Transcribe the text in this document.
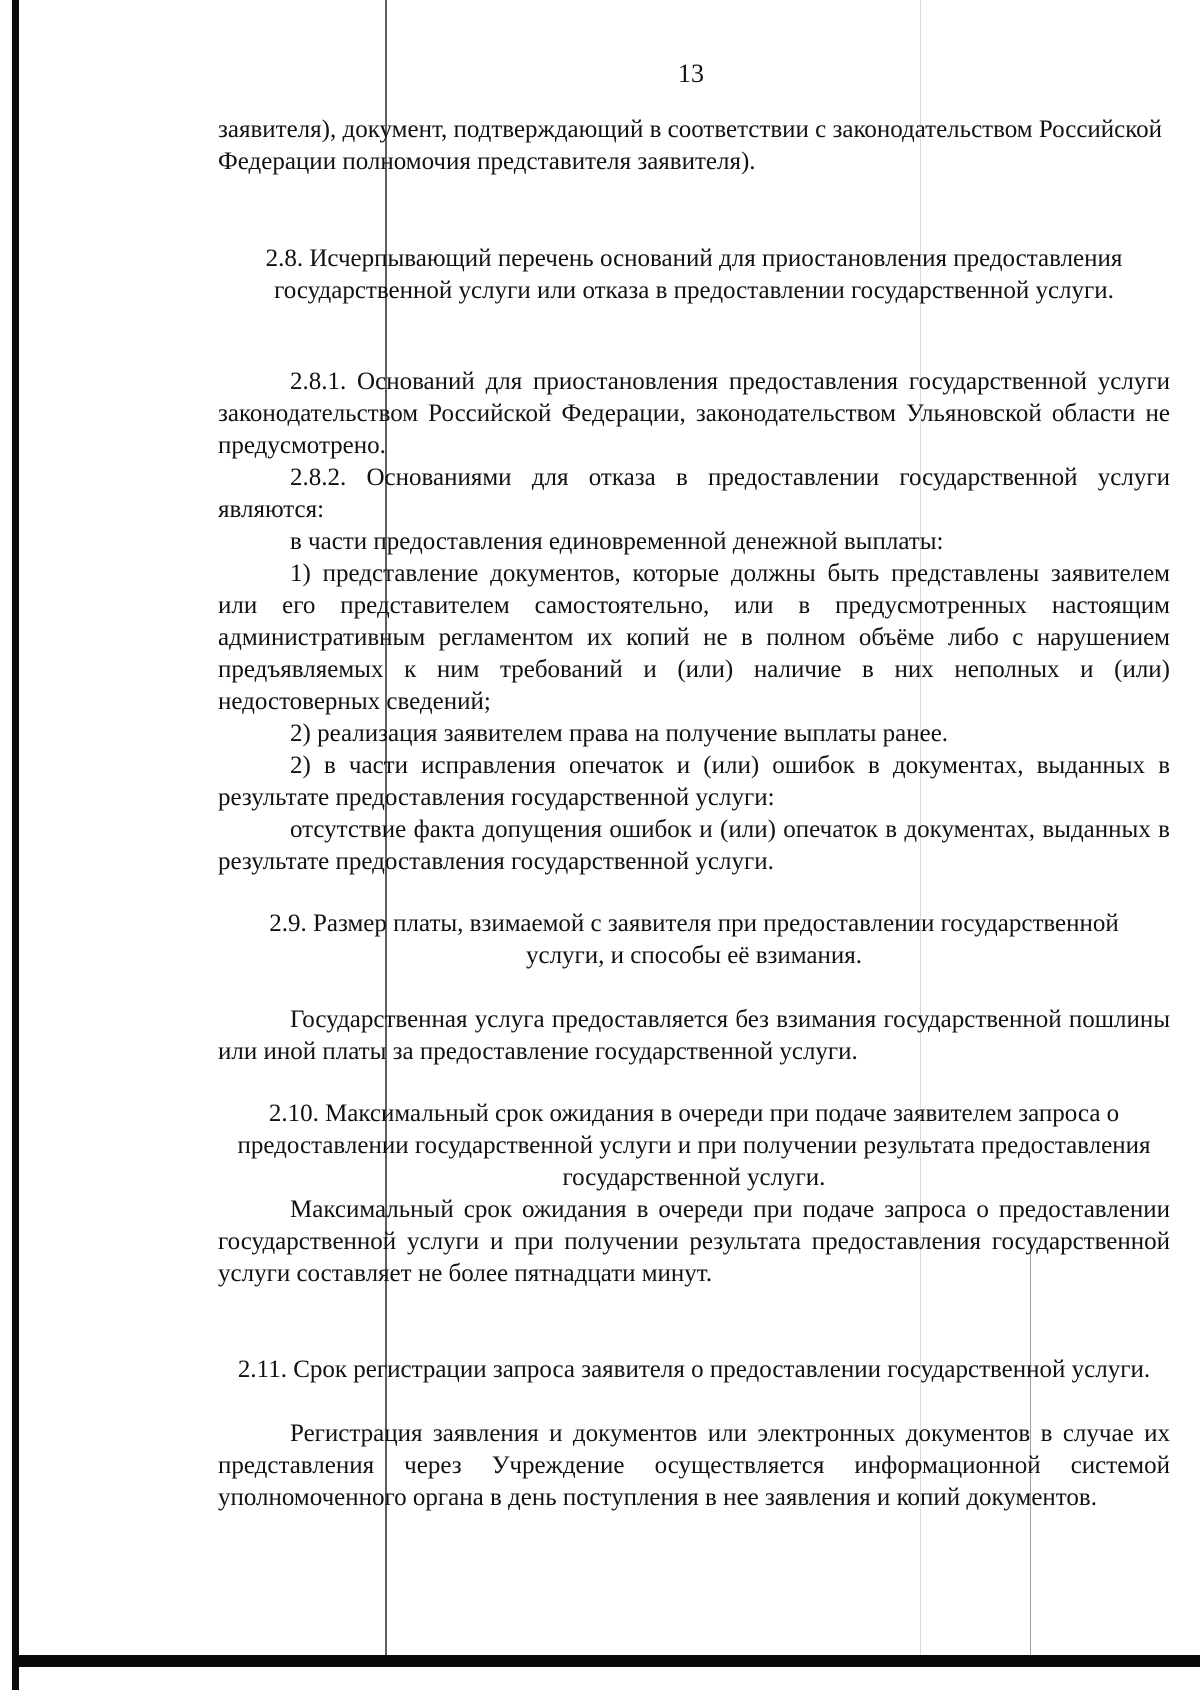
13

заявителя), документ, подтверждающий в соответствии с законодательством Российской Федерации полномочия представителя заявителя).

2.8. Исчерпывающий перечень оснований для приостановления предоставления государственной услуги или отказа в предоставлении государственной услуги.

2.8.1. Оснований для приостановления предоставления государственной услуги законодательством Российской Федерации, законодательством Ульяновской области не предусмотрено.

2.8.2. Основаниями для отказа в предоставлении государственной услуги являются:

в части предоставления единовременной денежной выплаты:

1) представление документов, которые должны быть представлены заявителем или его представителем самостоятельно, или в предусмотренных настоящим административным регламентом их копий не в полном объёме либо с нарушением предъявляемых к ним требований и (или) наличие в них неполных и (или) недостоверных сведений;

2) реализация заявителем права на получение выплаты ранее.

2) в части исправления опечаток и (или) ошибок в документах, выданных в результате предоставления государственной услуги:

отсутствие факта допущения ошибок и (или) опечаток в документах, выданных в результате предоставления государственной услуги.

2.9. Размер платы, взимаемой с заявителя при предоставлении государственной услуги, и способы её взимания.

Государственная услуга предоставляется без взимания государственной пошлины или иной платы за предоставление государственной услуги.

2.10. Максимальный срок ожидания в очереди при подаче заявителем запроса о предоставлении государственной услуги и при получении результата предоставления государственной услуги.

Максимальный срок ожидания в очереди при подаче запроса о предоставлении государственной услуги и при получении результата предоставления государственной услуги составляет не более пятнадцати минут.

2.11. Срок регистрации запроса заявителя о предоставлении государственной услуги.

Регистрация заявления и документов или электронных документов в случае их представления через Учреждение осуществляется информационной системой уполномоченного органа в день поступления в нее заявления и копий документов.
